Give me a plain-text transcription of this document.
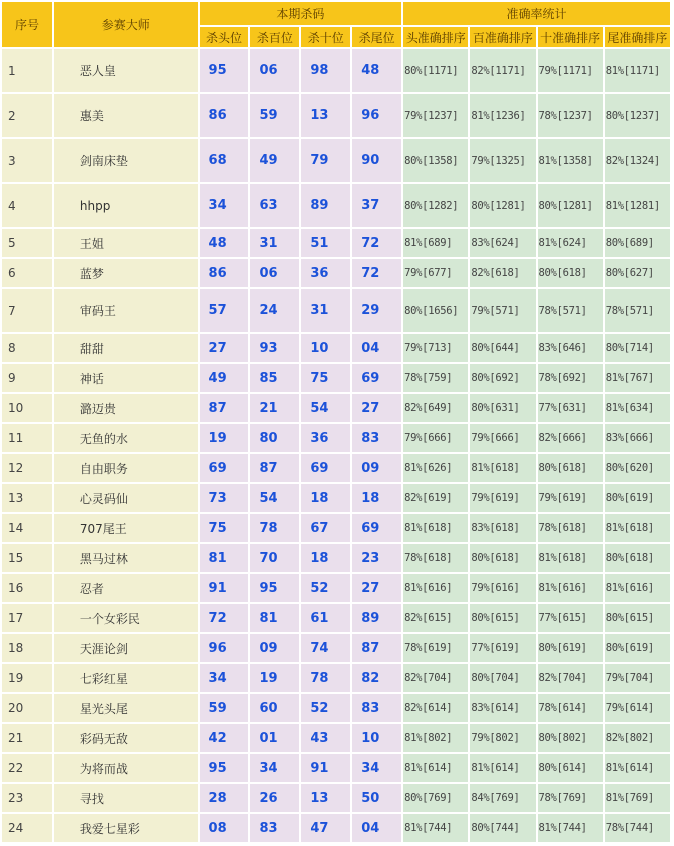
序号	参赛大师	本期杀码				准确率统计			
		杀头位	杀百位	杀十位	杀尾位	头准确排序	百准确排序	十准确排序	尾准确排序
1	恶人皇	95	06	98	48	80%[1171]	82%[1171]	79%[1171]	81%[1171]
2	惠美	86	59	13	96	79%[1237]	81%[1236]	78%[1237]	80%[1237]
3	剑南床垫	68	49	79	90	80%[1358]	79%[1325]	81%[1358]	82%[1324]
4	hhpp	34	63	89	37	80%[1282]	80%[1281]	80%[1281]	81%[1281]
5	王姐	48	31	51	72	81%[689]	83%[624]	81%[624]	80%[689]
6	蓝梦	86	06	36	72	79%[677]	82%[618]	80%[618]	80%[627]
7	审码王	57	24	31	29	80%[1656]	79%[571]	78%[571]	78%[571]
8	甜甜	27	93	10	04	79%[713]	80%[644]	83%[646]	80%[714]
9	神话	49	85	75	69	78%[759]	80%[692]	78%[692]	81%[767]
10	潞迈贵	87	21	54	27	82%[649]	80%[631]	77%[631]	81%[634]
11	无鱼的水	19	80	36	83	79%[666]	79%[666]	82%[666]	83%[666]
12	自由职务	69	87	69	09	81%[626]	81%[618]	80%[618]	80%[620]
13	心灵码仙	73	54	18	18	82%[619]	79%[619]	79%[619]	80%[619]
14	707尾王	75	78	67	69	81%[618]	83%[618]	78%[618]	81%[618]
15	黑马过林	81	70	18	23	78%[618]	80%[618]	81%[618]	80%[618]
16	忍者	91	95	52	27	81%[616]	79%[616]	81%[616]	81%[616]
17	一个女彩民	72	81	61	89	82%[615]	80%[615]	77%[615]	80%[615]
18	天涯论剑	96	09	74	87	78%[619]	77%[619]	80%[619]	80%[619]
19	七彩红星	34	19	78	82	82%[704]	80%[704]	82%[704]	79%[704]
20	星光头尾	59	60	52	83	82%[614]	83%[614]	78%[614]	79%[614]
21	彩码无敌	42	01	43	10	81%[802]	79%[802]	80%[802]	82%[802]
22	为将而战	95	34	91	34	81%[614]	81%[614]	80%[614]	81%[614]
23	寻找	28	26	13	50	80%[769]	84%[769]	78%[769]	81%[769]
24	我爱七星彩	08	83	47	04	81%[744]	80%[744]	81%[744]	78%[744]
